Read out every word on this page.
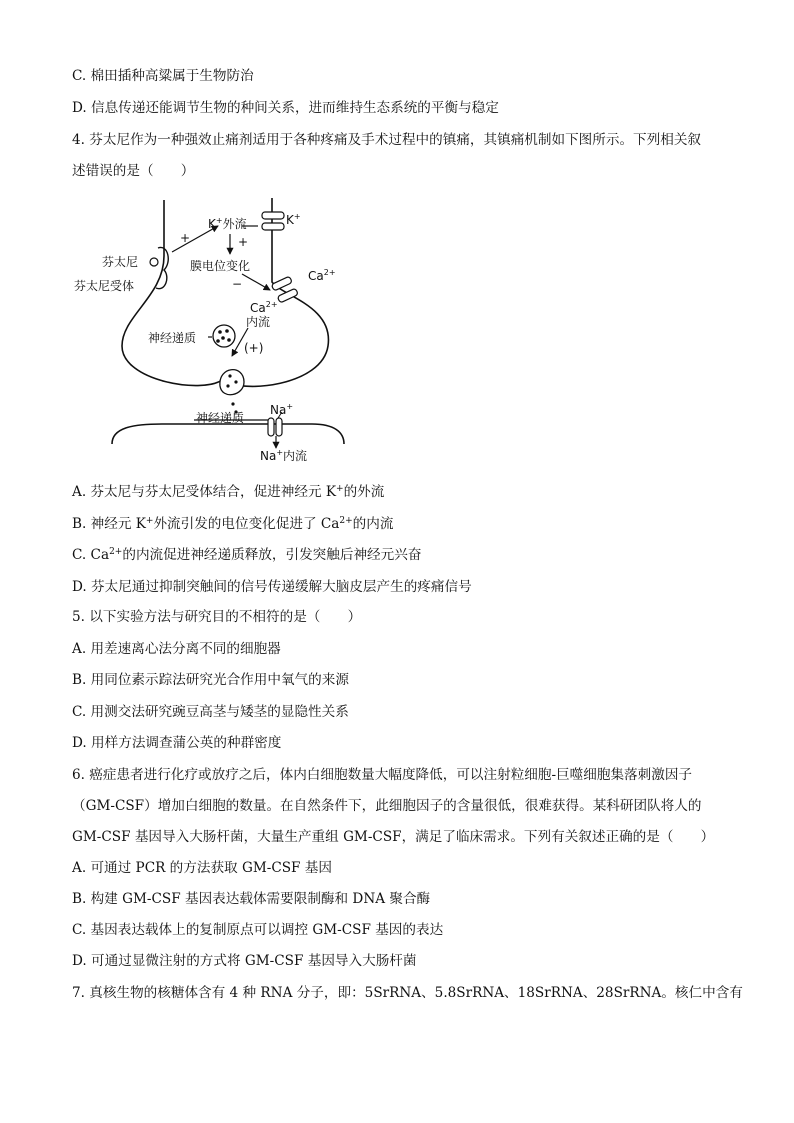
C. 棉田插种高粱属于生物防治
D. 信息传递还能调节生物的种间关系，进而维持生态系统的平衡与稳定
4. 芬太尼作为一种强效止痛剂适用于各种疼痛及手术过程中的镇痛，其镇痛机制如下图所示。下列相关叙
述错误的是（　　）
芬太尼
芬太尼受体
+
K+外流	K+
+
膜电位变化
−
$Ca^{2+}$
$Ca^{2+}$
内流
神经递质
(+)
神经递质
Na+
Na+内流
A. 芬太尼与芬太尼受体结合，促进神经元 K+的外流
B. 神经元 K+外流引发的电位变化促进了 $Ca^{2+}$的内流
C. $Ca^{2+}$的内流促进神经递质释放，引发突触后神经元兴奋
D. 芬太尼通过抑制突触间的信号传递缓解大脑皮层产生的疼痛信号
5. 以下实验方法与研究目的不相符的是（　　）
A. 用差速离心法分离不同的细胞器
B. 用同位素示踪法研究光合作用中氧气的来源
C. 用测交法研究豌豆高茎与矮茎的显隐性关系
D. 用样方法调查蒲公英的种群密度
6. 癌症患者进行化疗或放疗之后，体内白细胞数量大幅度降低，可以注射粒细胞-巨噬细胞集落刺激因子
（GM-CSF）增加白细胞的数量。在自然条件下，此细胞因子的含量很低，很难获得。某科研团队将人的
GM-CSF 基因导入大肠杆菌，大量生产重组 GM-CSF，满足了临床需求。下列有关叙述正确的是（　　）
A. 可通过 PCR 的方法获取 GM-CSF 基因
B. 构建 GM-CSF 基因表达载体需要限制酶和 DNA 聚合酶
C. 基因表达载体上的复制原点可以调控 GM-CSF 基因的表达
D. 可通过显微注射的方式将 GM-CSF 基因导入大肠杆菌
7. 真核生物的核糖体含有 4 种 RNA 分子，即：5SrRNA、5.8SrRNA、18SrRNA、28SrRNA。核仁中含有
